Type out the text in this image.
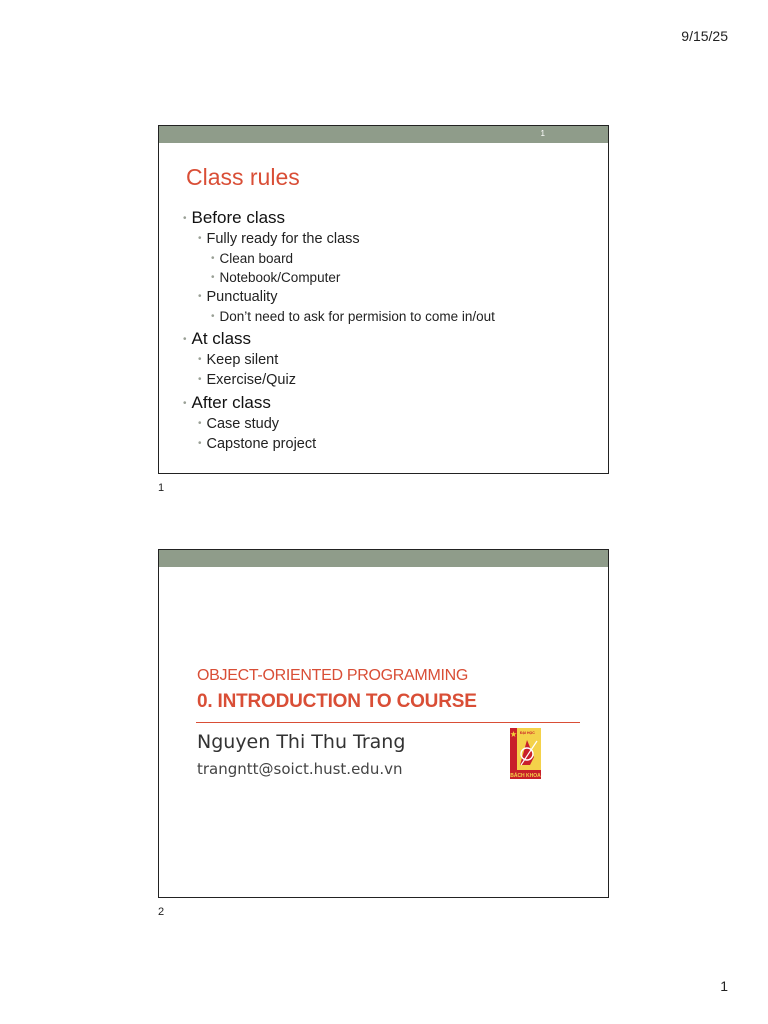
9/15/25
1
Class rules
• Before class
• Fully ready for the class
• Clean board
• Notebook/Computer
• Punctuality
• Don’t need to ask for permision to come in/out
• At class
• Keep silent
• Exercise/Quiz
• After class
• Case study
• Capstone project
1
OBJECT-ORIENTED PROGRAMMING
0. INTRODUCTION TO COURSE
Nguyen Thi Thu Trang
trangntt@soict.hust.edu.vn
ĐẠI HỌC
BÁCH KHOA
2
1
